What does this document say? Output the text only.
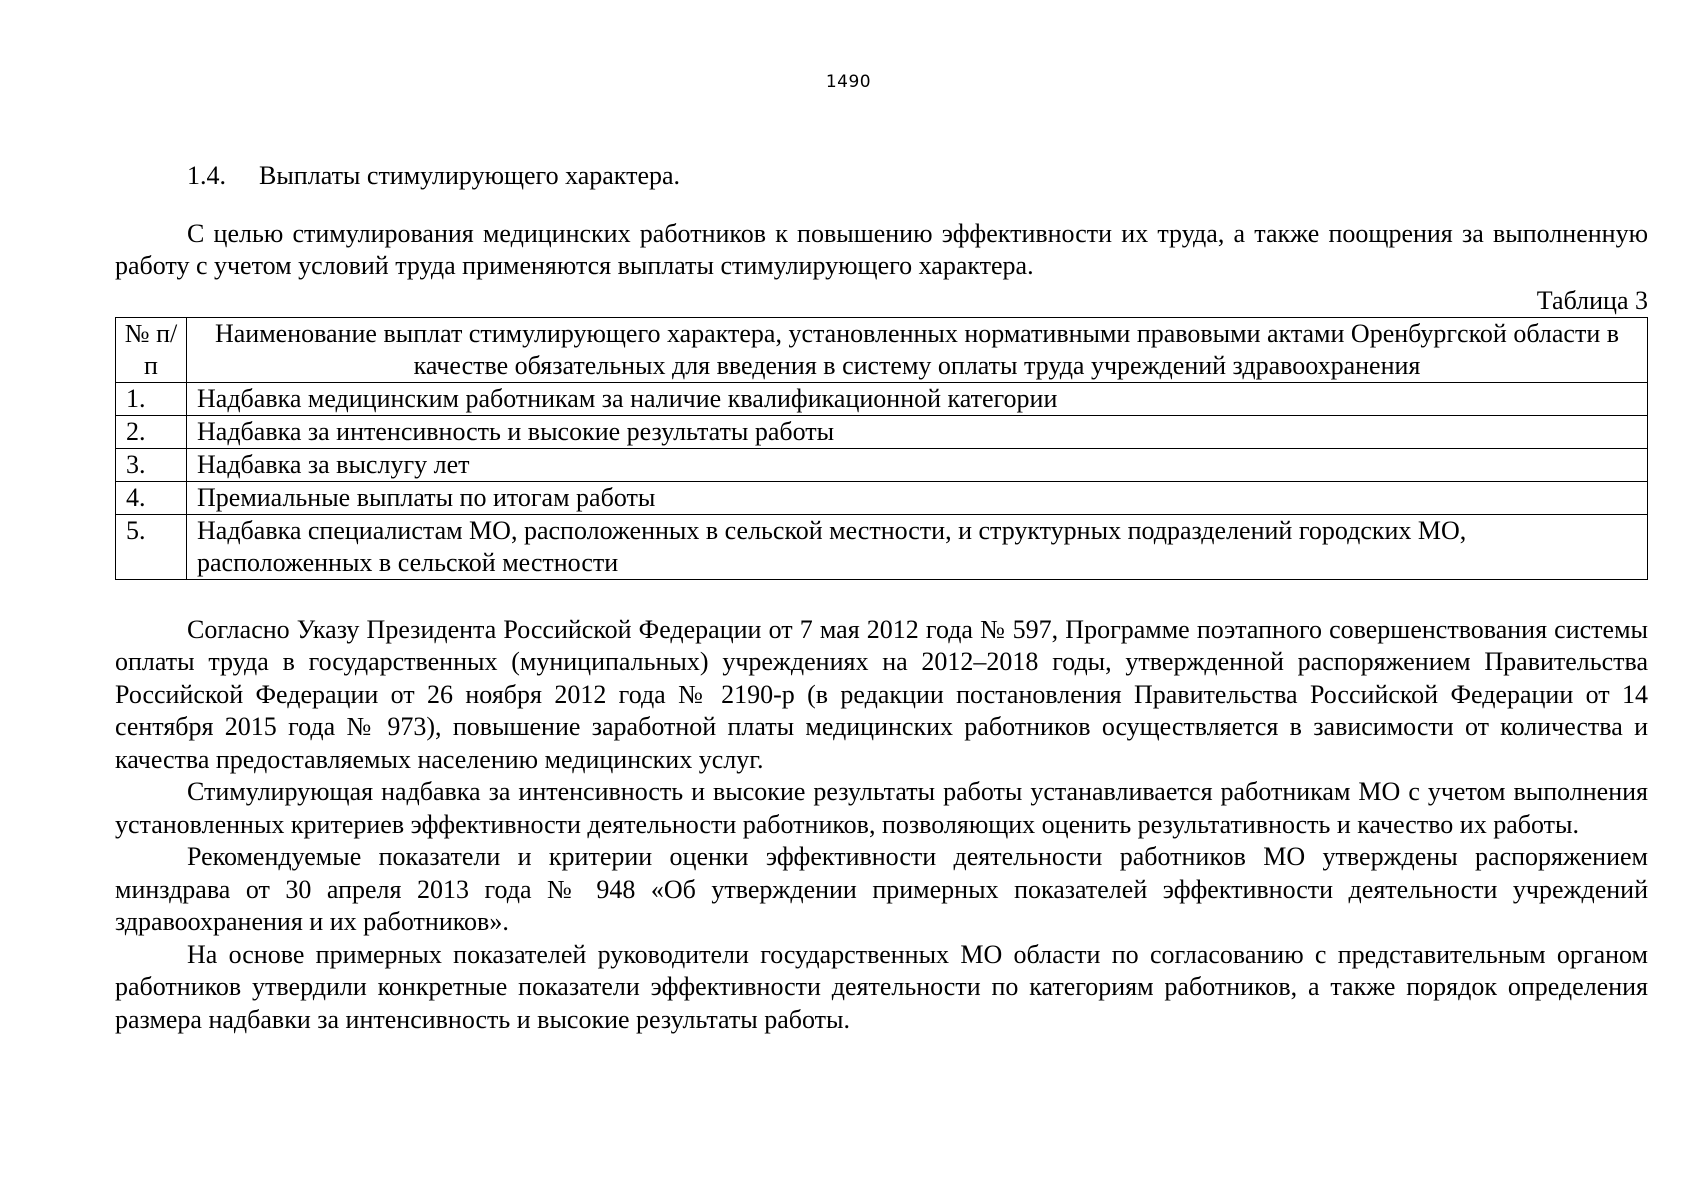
1490

1.4. Выплаты стимулирующего характера.

С целью стимулирования медицинских работников к повышению эффективности их труда, а также поощрения за выполненную работу с учетом условий труда применяются выплаты стимулирующего характера.

Таблица 3

№ п/п	Наименование выплат стимулирующего характера, установленных нормативными правовыми актами Оренбургской области в качестве обязательных для введения в систему оплаты труда учреждений здравоохранения
1.	Надбавка медицинским работникам за наличие квалификационной категории
2.	Надбавка за интенсивность и высокие результаты работы
3.	Надбавка за выслугу лет
4.	Премиальные выплаты по итогам работы
5.	Надбавка специалистам МО, расположенных в сельской местности, и структурных подразделений городских МО, расположенных в сельской местности

Согласно Указу Президента Российской Федерации от 7 мая 2012 года № 597, Программе поэтапного совершенствования системы оплаты труда в государственных (муниципальных) учреждениях на 2012–2018 годы, утвержденной распоряжением Правительства Российской Федерации от 26 ноября 2012 года № 2190-р (в редакции постановления Правительства Российской Федерации от 14 сентября 2015 года № 973), повышение заработной платы медицинских работников осуществляется в зависимости от количества и качества предоставляемых населению медицинских услуг.

Стимулирующая надбавка за интенсивность и высокие результаты работы устанавливается работникам МО с учетом выполнения установленных критериев эффективности деятельности работников, позволяющих оценить результативность и качество их работы.

Рекомендуемые показатели и критерии оценки эффективности деятельности работников МО утверждены распоряжением минздрава от 30 апреля 2013 года № 948 «Об утверждении примерных показателей эффективности деятельности учреждений здравоохранения и их работников».

На основе примерных показателей руководители государственных МО области по согласованию с представительным органом работников утвердили конкретные показатели эффективности деятельности по категориям работников, а также порядок определения размера надбавки за интенсивность и высокие результаты работы.
